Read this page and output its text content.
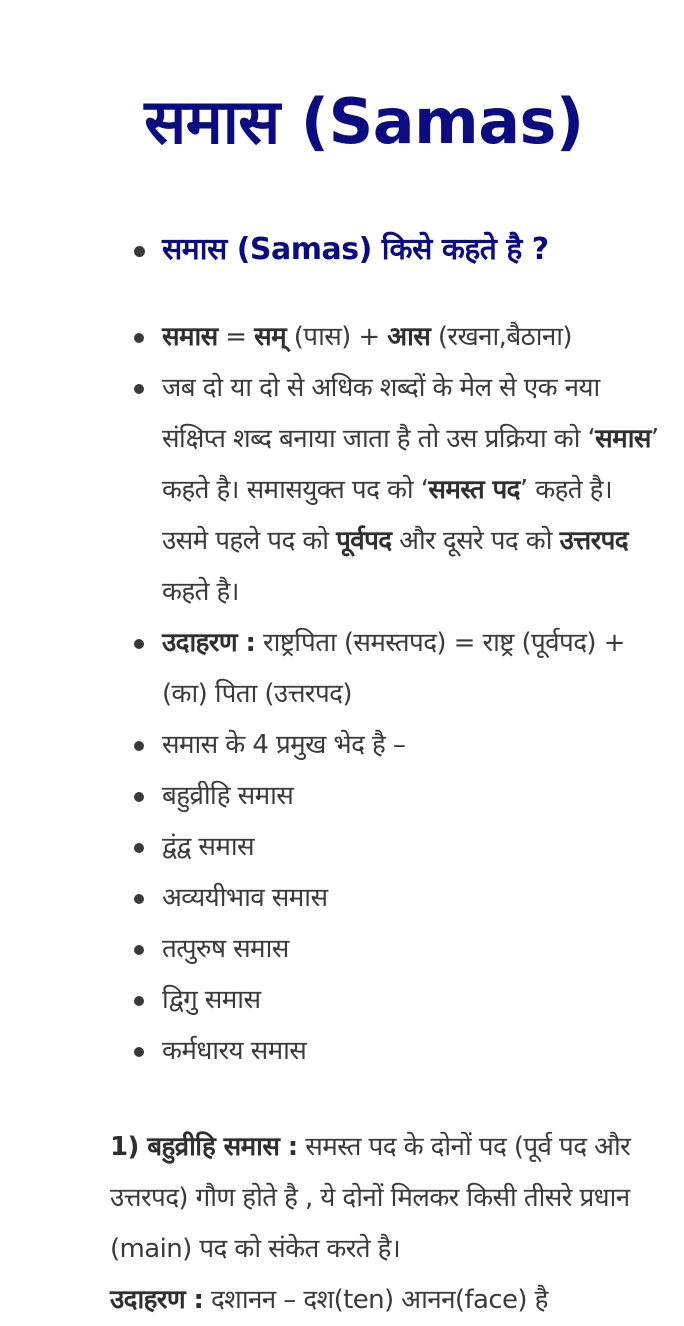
समास (Samas)
समास (Samas) किसे कहते है ?
समास = सम् (पास) + आस (रखना,बैठाना)
जब दो या दो से अधिक शब्दों के मेल से एक नया संक्षिप्त शब्द बनाया जाता है तो उस प्रक्रिया को ‘समास’ कहते है। समासयुक्त पद को ‘समस्त पद’ कहते है। उसमे पहले पद को पूर्वपद और दूसरे पद को उत्तरपद कहते है।
उदाहरण : राष्ट्रपिता (समस्तपद) = राष्ट्र (पूर्वपद) + (का) पिता (उत्तरपद)
समास के 4 प्रमुख भेद है –
बहुव्रीहि समास
द्वंद्व समास
अव्ययीभाव समास
तत्पुरुष समास
द्विगु समास
कर्मधारय समास

1) बहुव्रीहि समास : समस्त पद के दोनों पद (पूर्व पद और उत्तरपद) गौण होते है , ये दोनों मिलकर किसी तीसरे प्रधान (main) पद को संकेत करते है।
उदाहरण : दशानन – दश(ten) आनन(face) है
